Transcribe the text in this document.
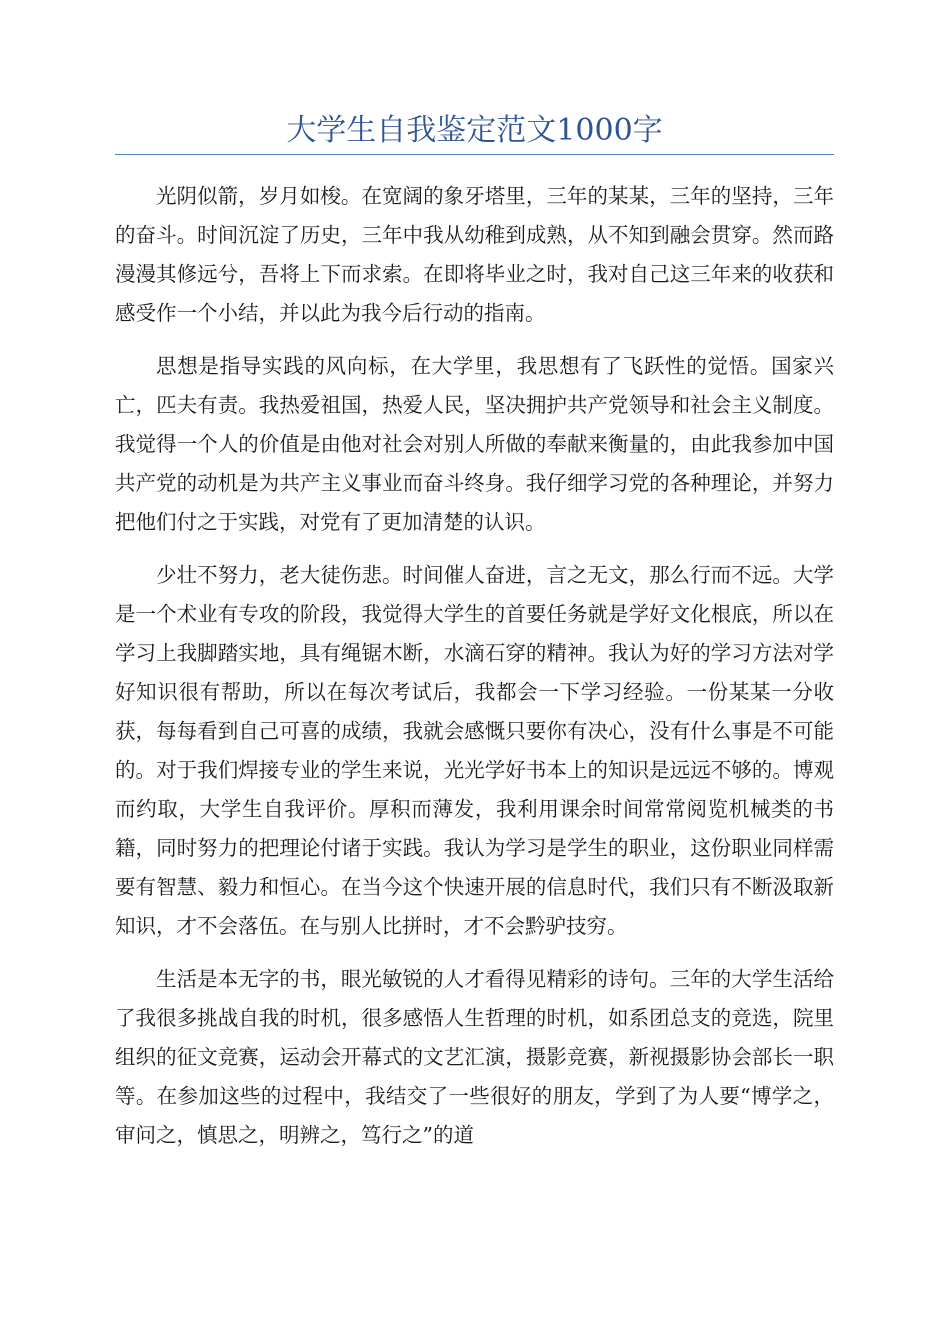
大学生自我鉴定范文1000字

光阴似箭，岁月如梭。在宽阔的象牙塔里，三年的某某，三年的坚持，三年的奋斗。时间沉淀了历史，三年中我从幼稚到成熟，从不知到融会贯穿。然而路漫漫其修远兮，吾将上下而求索。在即将毕业之时，我对自己这三年来的收获和感受作一个小结，并以此为我今后行动的指南。

思想是指导实践的风向标，在大学里，我思想有了飞跃性的觉悟。国家兴亡，匹夫有责。我热爱祖国，热爱人民，坚决拥护共产党领导和社会主义制度。我觉得一个人的价值是由他对社会对别人所做的奉献来衡量的，由此我参加中国共产党的动机是为共产主义事业而奋斗终身。我仔细学习党的各种理论，并努力把他们付之于实践，对党有了更加清楚的认识。

少壮不努力，老大徒伤悲。时间催人奋进，言之无文，那么行而不远。大学是一个术业有专攻的阶段，我觉得大学生的首要任务就是学好文化根底，所以在学习上我脚踏实地，具有绳锯木断，水滴石穿的精神。我认为好的学习方法对学好知识很有帮助，所以在每次考试后，我都会一下学习经验。一份某某一分收获，每每看到自己可喜的成绩，我就会感慨只要你有决心，没有什么事是不可能的。对于我们焊接专业的学生来说，光光学好书本上的知识是远远不够的。博观而约取，大学生自我评价。厚积而薄发，我利用课余时间常常阅览机械类的书籍，同时努力的把理论付诸于实践。我认为学习是学生的职业，这份职业同样需要有智慧、毅力和恒心。在当今这个快速开展的信息时代，我们只有不断汲取新知识，才不会落伍。在与别人比拼时，才不会黔驴技穷。

生活是本无字的书，眼光敏锐的人才看得见精彩的诗句。三年的大学生活给了我很多挑战自我的时机，很多感悟人生哲理的时机，如系团总支的竞选，院里组织的征文竞赛，运动会开幕式的文艺汇演，摄影竞赛，新视摄影协会部长一职等。在参加这些的过程中，我结交了一些很好的朋友，学到了为人要“博学之，审问之，慎思之，明辨之，笃行之”的道
